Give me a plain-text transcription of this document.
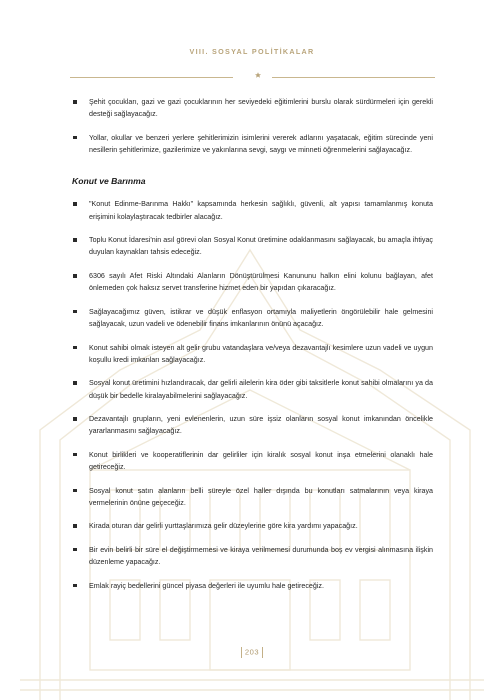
VIII. SOSYAL POLİTİKALAR
Şehit çocukları, gazi ve gazi çocuklarının her seviyedeki eğitimlerini burslu olarak sürdürmeleri için gerekli desteği sağlayacağız.
Yollar, okullar ve benzeri yerlere şehitlerimizin isimlerini vererek adlarını yaşatacak, eğitim sürecinde yeni nesillerin şehitlerimize, gazilerimize ve yakınlarına sevgi, saygı ve minneti öğrenmelerini sağlayacağız.
Konut ve Barınma
"Konut Edinme-Barınma Hakkı" kapsamında herkesin sağlıklı, güvenli, alt yapısı tamamlanmış konuta erişimini kolaylaştıracak tedbirler alacağız.
Toplu Konut İdaresi'nin asıl görevi olan Sosyal Konut üretimine odaklanmasını sağlayacak, bu amaçla ihtiyaç duyulan kaynakları tahsis edeceğiz.
6306 sayılı Afet Riski Altındaki Alanların Dönüştürülmesi Kanununu halkın elini kolunu bağlayan, afet önlemeden çok haksız servet transferine hizmet eden bir yapıdan çıkaracağız.
Sağlayacağımız güven, istikrar ve düşük enflasyon ortamıyla maliyetlerin öngörülebilir hale gelmesini sağlayacak, uzun vadeli ve ödenebilir finans imkanlarının önünü açacağız.
Konut sahibi olmak isteyen alt gelir grubu vatandaşlara ve/veya dezavantajlı kesimlere uzun vadeli ve uygun koşullu kredi imkanları sağlayacağız.
Sosyal konut üretimini hızlandıracak, dar gelirli ailelerin kira öder gibi taksitlerle konut sahibi olmalarını ya da düşük bir bedelle kiralayabilmelerini sağlayacağız.
Dezavantajlı grupların, yeni evlenenlerin, uzun süre işsiz olanların sosyal konut imkanından öncelikle yararlanmasını sağlayacağız.
Konut birlikleri ve kooperatiflerinin dar gelirliler için kiralık sosyal konut inşa etmelerini olanaklı hale getireceğiz.
Sosyal konut satın alanların belli süreyle özel haller dışında bu konutları satmalarının veya kiraya vermelerinin önüne geçeceğiz.
Kirada oturan dar gelirli yurttaşlarımıza gelir düzeylerine göre kira yardımı yapacağız.
Bir evin belirli bir süre el değiştirmemesi ve kiraya verilmemesi durumunda boş ev vergisi alınmasına ilişkin düzenleme yapacağız.
Emlak rayiç bedellerini güncel piyasa değerleri ile uyumlu hale getireceğiz.
203
